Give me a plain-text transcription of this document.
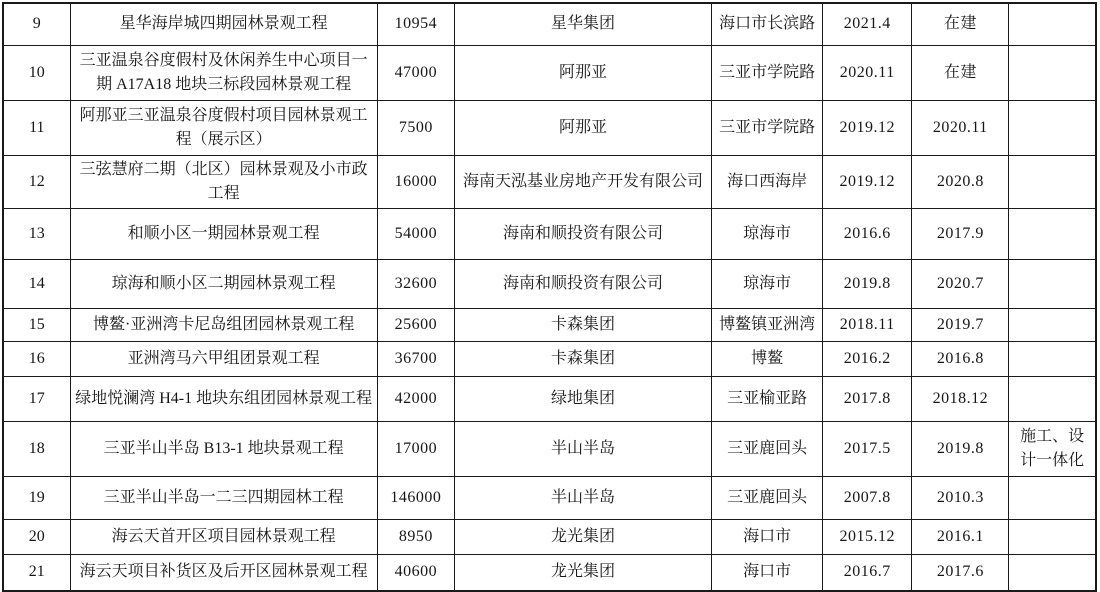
9	星华海岸城四期园林景观工程	10954	星华集团	海口市长滨路	2021.4	在建	
10	三亚温泉谷度假村及休闲养生中心项目一期 A17A18 地块三标段园林景观工程	47000	阿那亚	三亚市学院路	2020.11	在建	
11	阿那亚三亚温泉谷度假村项目园林景观工程（展示区）	7500	阿那亚	三亚市学院路	2019.12	2020.11	
12	三弦慧府二期（北区）园林景观及小市政工程	16000	海南天泓基业房地产开发有限公司	海口西海岸	2019.12	2020.8	
13	和顺小区一期园林景观工程	54000	海南和顺投资有限公司	琼海市	2016.6	2017.9	
14	琼海和顺小区二期园林景观工程	32600	海南和顺投资有限公司	琼海市	2019.8	2020.7	
15	博鳌·亚洲湾卡尼岛组团园林景观工程	25600	卡森集团	博鳌镇亚洲湾	2018.11	2019.7	
16	亚洲湾马六甲组团景观工程	36700	卡森集团	博鳌	2016.2	2016.8	
17	绿地悦澜湾 H4-1 地块东组团园林景观工程	42000	绿地集团	三亚榆亚路	2017.8	2018.12	
18	三亚半山半岛 B13-1 地块景观工程	17000	半山半岛	三亚鹿回头	2017.5	2019.8	施工、设计一体化
19	三亚半山半岛一二三四期园林工程	146000	半山半岛	三亚鹿回头	2007.8	2010.3	
20	海云天首开区项目园林景观工程	8950	龙光集团	海口市	2015.12	2016.1	
21	海云天项目补货区及后开区园林景观工程	40600	龙光集团	海口市	2016.7	2017.6	
